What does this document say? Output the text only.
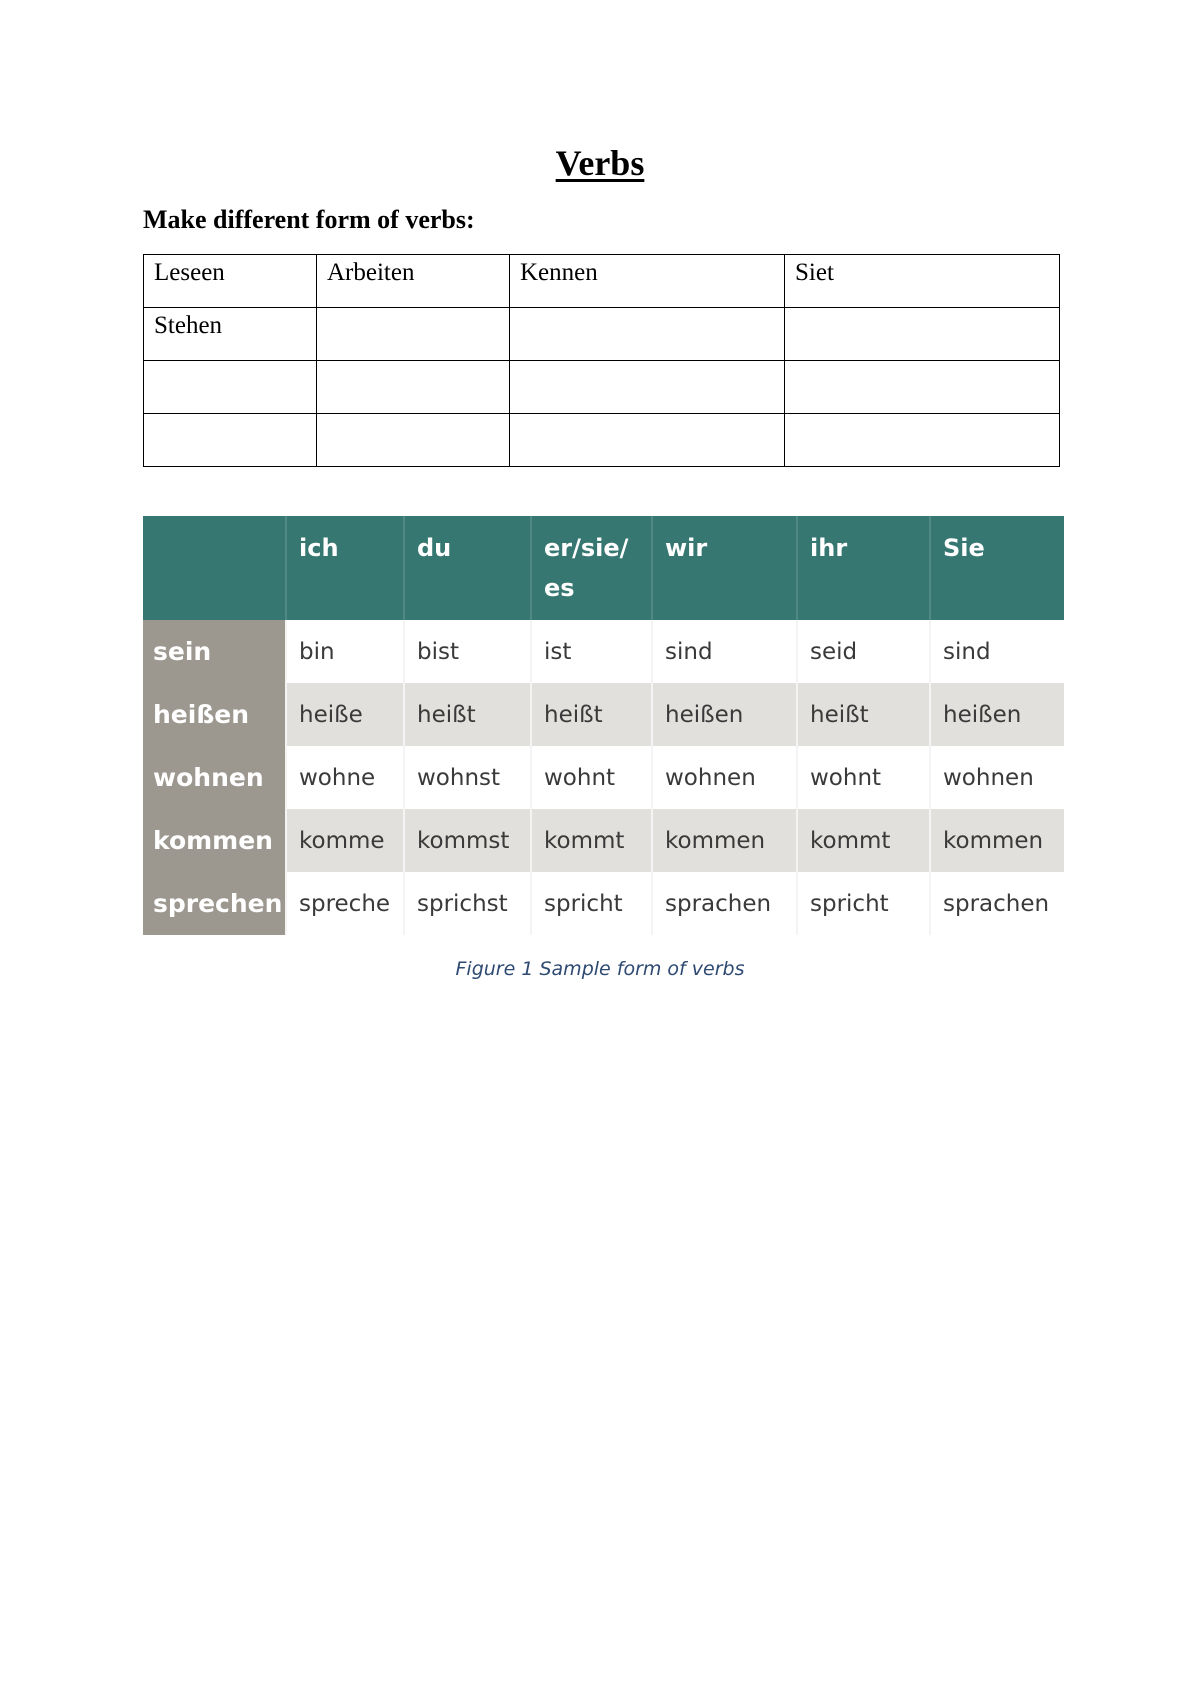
Verbs
Make different form of verbs:
Leseen	Arbeiten	Kennen	Siet
Stehen			

	ich	du	er/sie/ es	wir	ihr	Sie
sein	bin	bist	ist	sind	seid	sind
heißen	heiße	heißt	heißt	heißen	heißt	heißen
wohnen	wohne	wohnst	wohnt	wohnen	wohnt	wohnen
kommen	komme	kommst	kommt	kommen	kommt	kommen
sprechen	spreche	sprichst	spricht	sprachen	spricht	sprachen
Figure 1 Sample form of verbs
